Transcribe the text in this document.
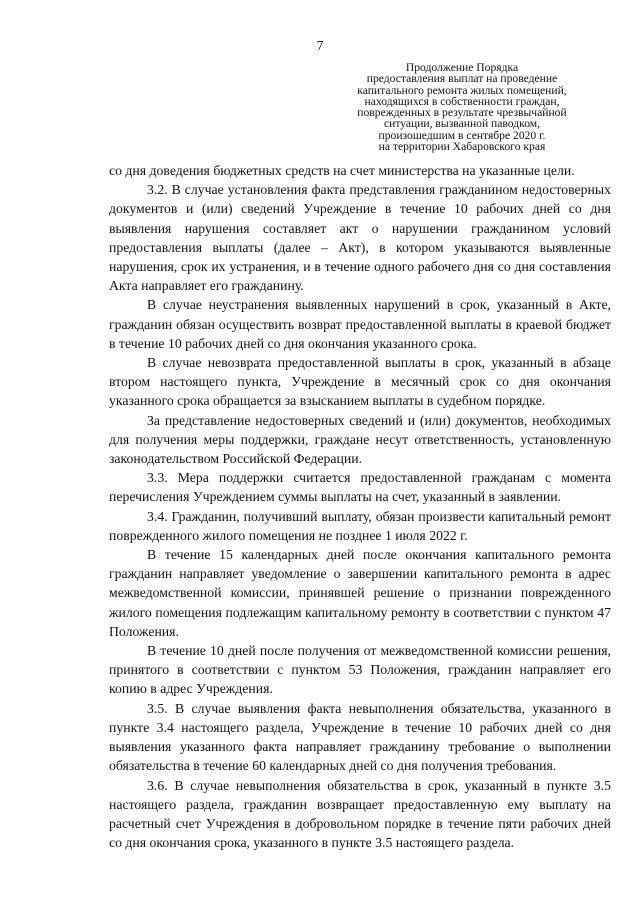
7
Продолжение Порядка
предоставления выплат на проведение
капитального ремонта жилых помещений,
находящихся в собственности граждан,
поврежденных в результате чрезвычайной
ситуации, вызванной паводком,
произошедшим в сентябре 2020 г.
на территории Хабаровского края

со дня доведения бюджетных средств на счет министерства на указанные цели.

3.2. В случае установления факта представления гражданином недостоверных документов и (или) сведений Учреждение в течение 10 рабочих дней со дня выявления нарушения составляет акт о нарушении гражданином условий предоставления выплаты (далее – Акт), в котором указываются выявленные нарушения, срок их устранения, и в течение одного рабочего дня со дня составления Акта направляет его гражданину.

В случае неустранения выявленных нарушений в срок, указанный в Акте, гражданин обязан осуществить возврат предоставленной выплаты в краевой бюджет в течение 10 рабочих дней со дня окончания указанного срока.

В случае невозврата предоставленной выплаты в срок, указанный в абзаце втором настоящего пункта, Учреждение в месячный срок со дня окончания указанного срока обращается за взысканием выплаты в судебном порядке.

За представление недостоверных сведений и (или) документов, необходимых для получения меры поддержки, граждане несут ответственность, установленную законодательством Российской Федерации.

3.3. Мера поддержки считается предоставленной гражданам с момента перечисления Учреждением суммы выплаты на счет, указанный в заявлении.

3.4. Гражданин, получивший выплату, обязан произвести капитальный ремонт поврежденного жилого помещения не позднее 1 июля 2022 г.

В течение 15 календарных дней после окончания капитального ремонта гражданин направляет уведомление о завершении капитального ремонта в адрес межведомственной комиссии, принявшей решение о признании поврежденного жилого помещения подлежащим капитальному ремонту в соответствии с пунктом 47 Положения.

В течение 10 дней после получения от межведомственной комиссии решения, принятого в соответствии с пунктом 53 Положения, гражданин направляет его копию в адрес Учреждения.

3.5. В случае выявления факта невыполнения обязательства, указанного в пункте 3.4 настоящего раздела, Учреждение в течение 10 рабочих дней со дня выявления указанного факта направляет гражданину требование о выполнении обязательства в течение 60 календарных дней со дня получения требования.

3.6. В случае невыполнения обязательства в срок, указанный в пункте 3.5 настоящего раздела, гражданин возвращает предоставленную ему выплату на расчетный счет Учреждения в добровольном порядке в течение пяти рабочих дней со дня окончания срока, указанного в пункте 3.5 настоящего раздела.
